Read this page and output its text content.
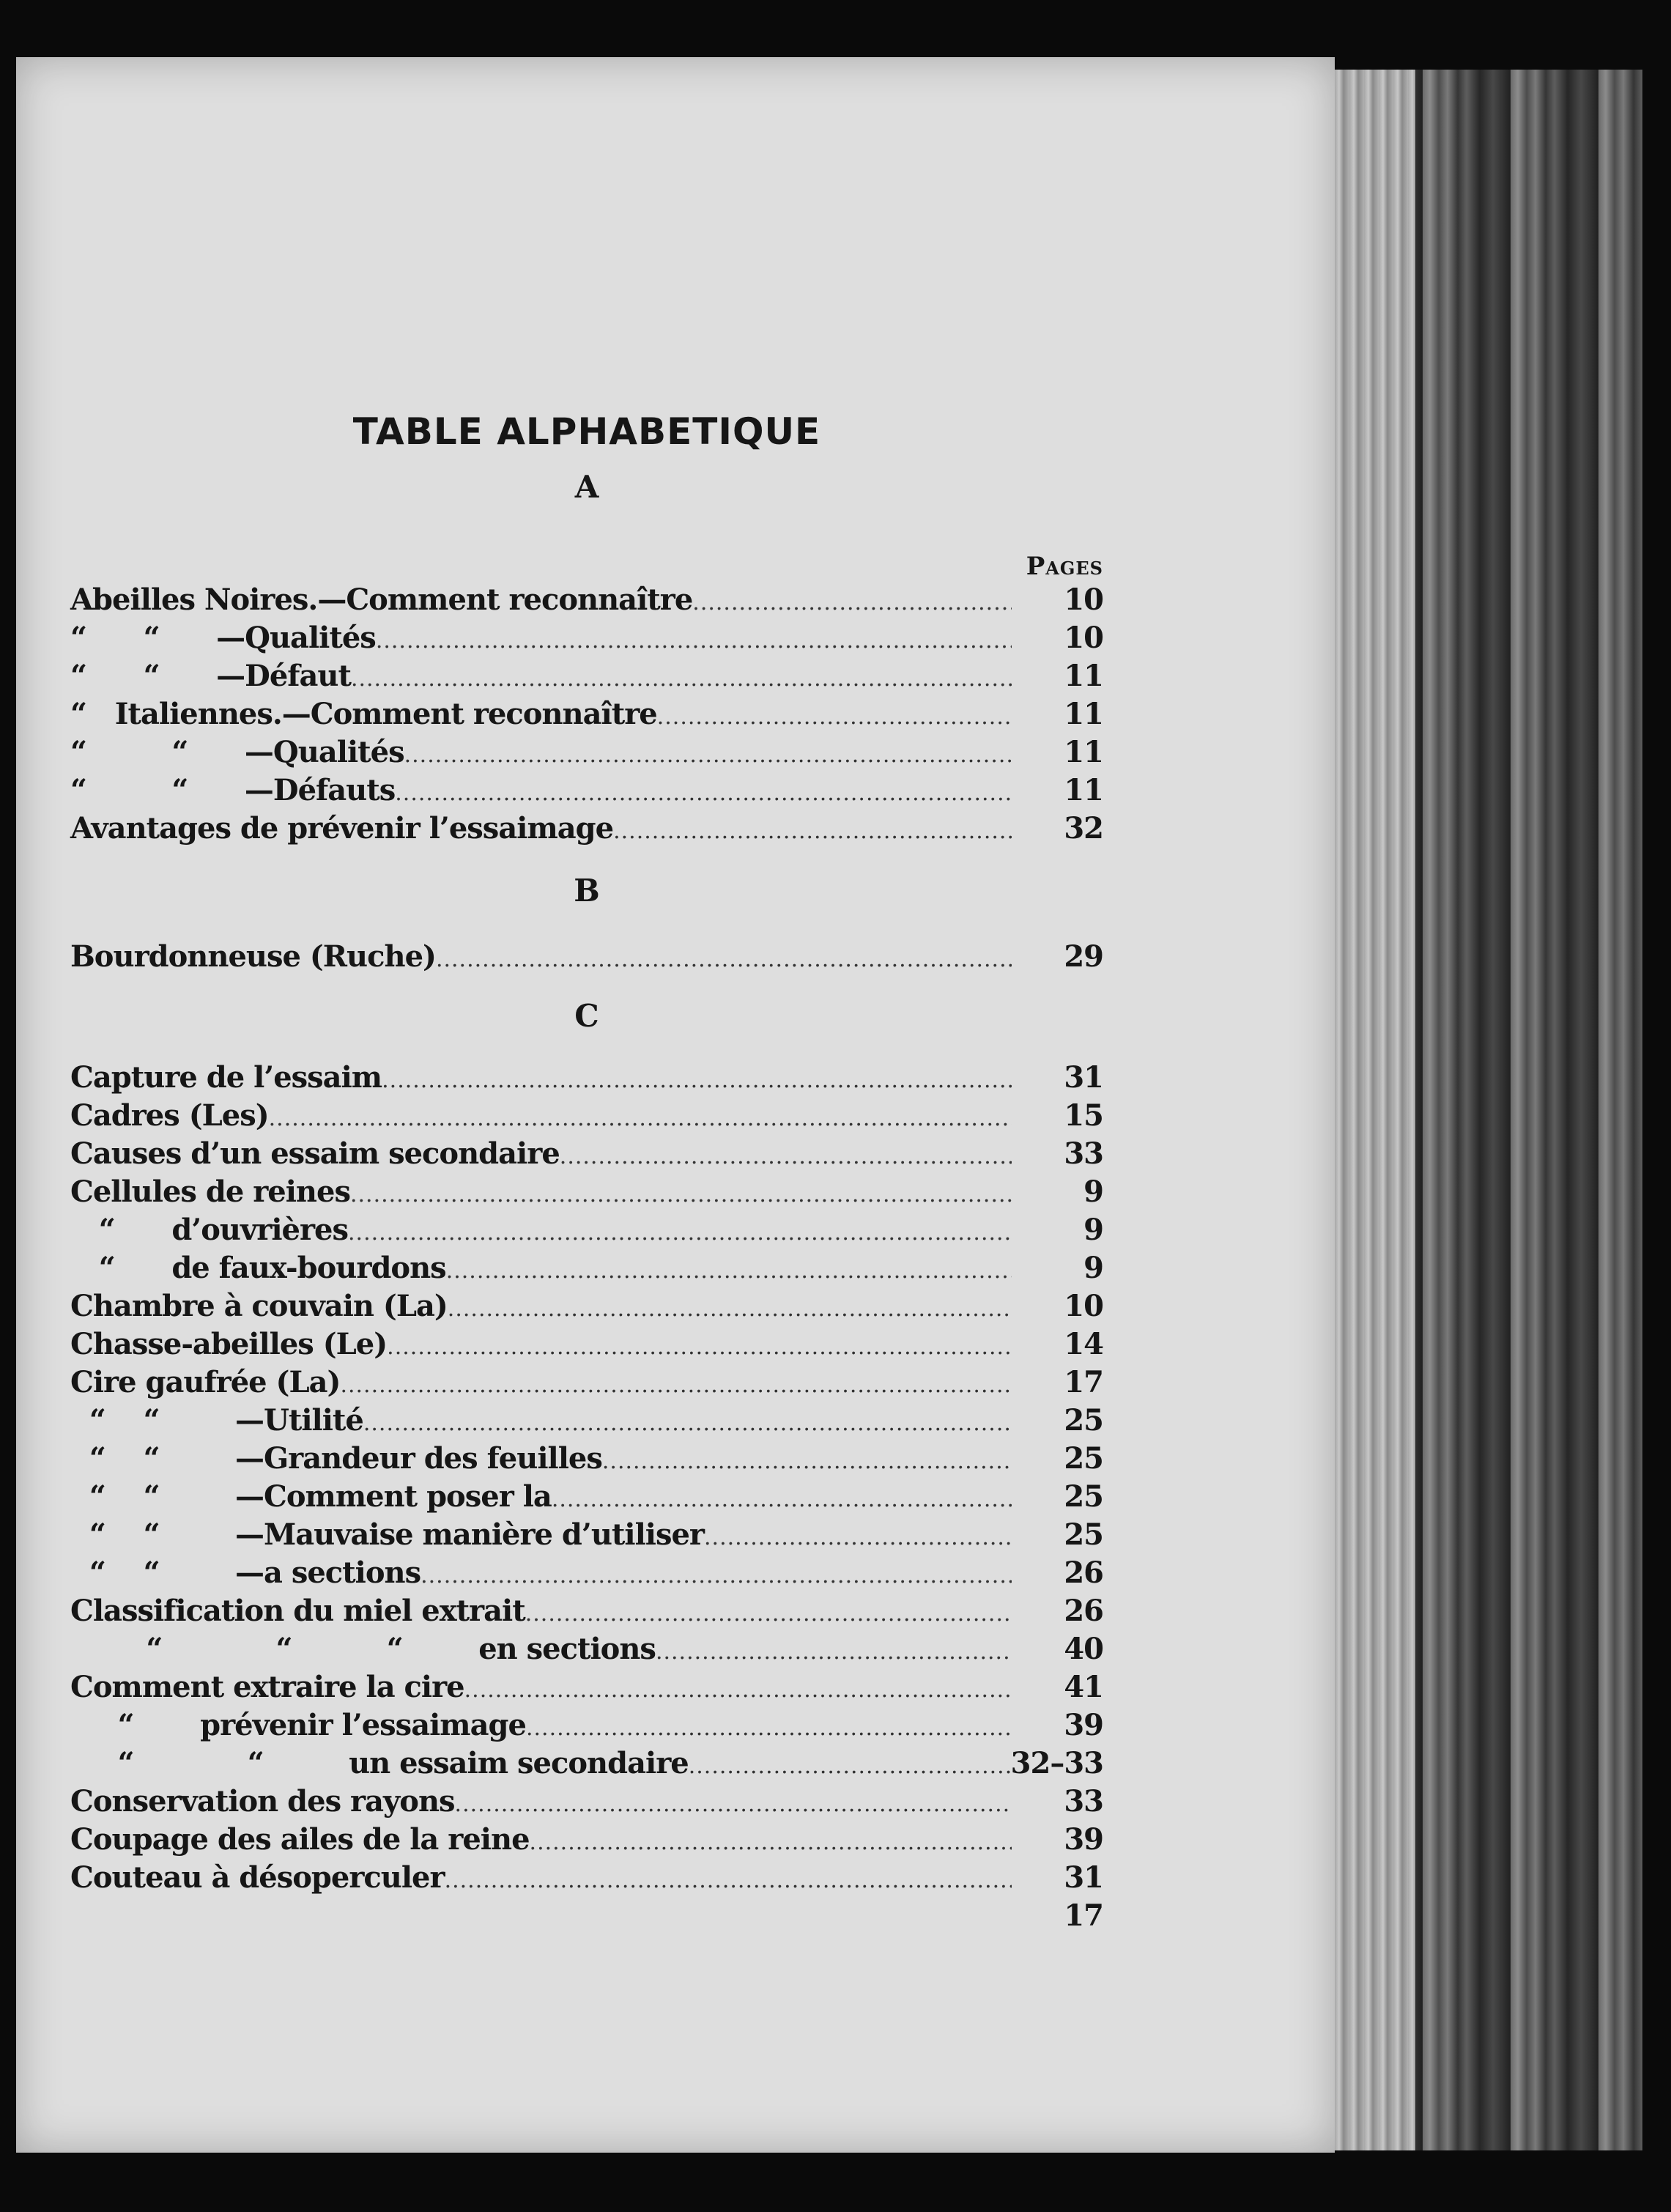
TABLE ALPHABETIQUE
A
Pages
Abeilles Noires.—Comment reconnaître .....	10
“      “      —Qualités .....	10
“      “      —Défaut .....	11
“   Italiennes.—Comment reconnaître .....	11
“         “      —Qualités .....	11
“         “      —Défauts .....	11
Avantages de prévenir l’essaimage .....	32
B
Bourdonneuse (Ruche) .....	29
C
Capture de l’essaim .....	31
Cadres (Les) .....	15
Causes d’un essaim secondaire .....	33
Cellules de reines .....	9
“      d’ouvrières .....	9
“      de faux-bourdons .....	9
Chambre à couvain (La) .....	10
Chasse-abeilles (Le) .....	14
Cire gaufrée (La) .....	17
“    “        —Utilité .....	25
“    “        —Grandeur des feuilles .....	25
“    “        —Comment poser la .....	25
“    “        —Mauvaise manière d’utiliser .....	25
“    “        —a sections .....	26
Classification du miel extrait .....	26
“            “          “        en sections .....	40
Comment extraire la cire .....	41
“       prévenir l’essaimage .....	39
“            “         un essaim secondaire .....	32–33
Conservation des rayons .....	33
Coupage des ailes de la reine .....	39
Couteau à désoperculer .....	31
17
